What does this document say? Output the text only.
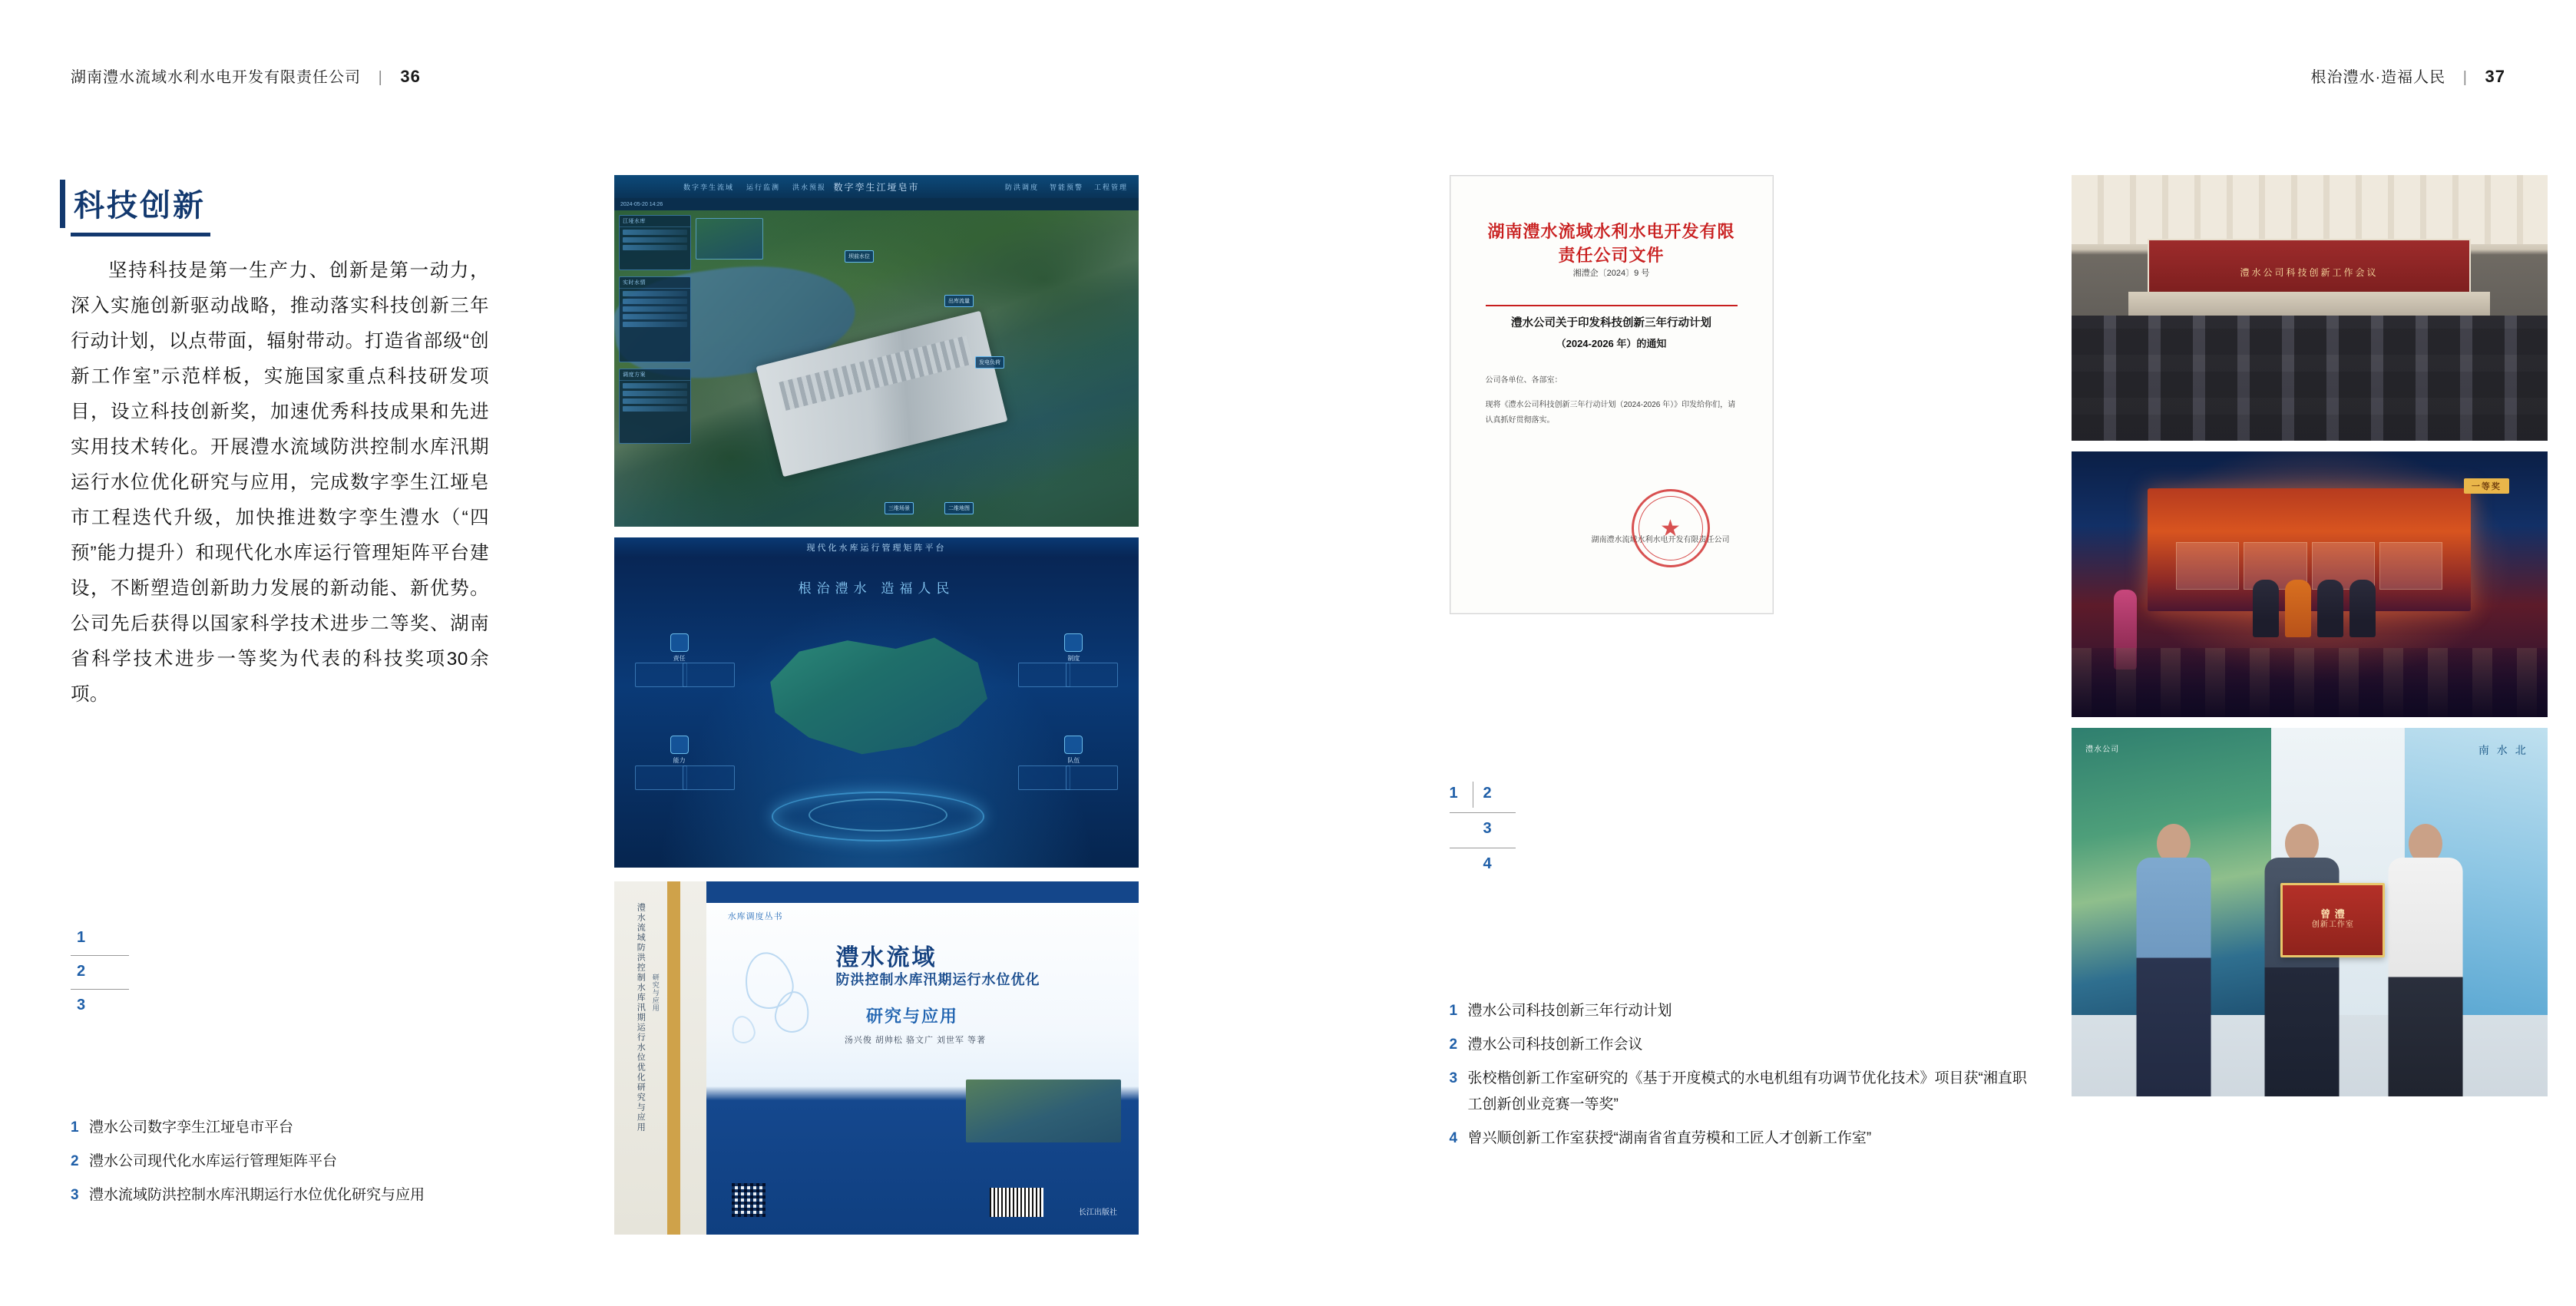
湖南澧水流域水利水电开发有限责任公司 | 36
科技创新

坚持科技是第一生产力、创新是第一动力，深入实施创新驱动战略，推动落实科技创新三年行动计划，以点带面，辐射带动。打造省部级“创新工作室”示范样板，实施国家重点科技研发项目，设立科技创新奖，加速优秀科技成果和先进实用技术转化。开展澧水流域防洪控制水库汛期运行水位优化研究与应用，完成数字孪生江垭皂市工程迭代升级，加快推进数字孪生澧水（“四预”能力提升）和现代化水库运行管理矩阵平台建设，不断塑造创新助力发展的新动能、新优势。公司先后获得以国家科学技术进步二等奖、湖南省科学技术进步一等奖为代表的科技奖项30余项。

1
2
3
1 澧水公司数字孪生江垭皂市平台
2 澧水公司现代化水库运行管理矩阵平台
3 澧水流域防洪控制水库汛期运行水位优化研究与应用
数字孪生流域 运行监测 洪水预报 数字孪生江垭皂市	防洪调度 智能预警 工程管理
2024-05-20 14:26
江垭水库
实时水情
调度方案
坝前水位
出库流量
发电负荷
三维场景	二维地图
现代化水库运行管理矩阵平台
根治澧水 造福人民
责任
能力
制度
队伍
澧水流域防洪控制水库汛期运行水位优化研究与应用 研究与应用
水库调度丛书
澧水流域
防洪控制水库汛期运行水位优化
研究与应用
汤兴俊 胡帅松 骆文广 刘世军 等著
长江出版社
根治澧水·造福人民 | 37
湖南澧水流域水利水电开发有限责任公司文件
湘澧企〔2024〕9 号
澧水公司关于印发科技创新三年行动计划
（2024-2026 年）的通知

公司各单位、各部室：

现将《澧水公司科技创新三年行动计划（2024-2026 年）》印发给你们，请认真抓好贯彻落实。

湖南澧水流域水利水电开发有限责任公司
★
1 2
3
4
1 澧水公司科技创新三年行动计划
2 澧水公司科技创新工作会议
3 张校楷创新工作室研究的《基于开度模式的水电机组有功调节优化技术》项目获“湘直职工创新创业竞赛一等奖”
4 曾兴顺创新工作室获授“湖南省省直劳模和工匠人才创新工作室”
澧水公司科技创新工作会议
一等奖
澧水公司	南 水 北
曾 澧
创新工作室
